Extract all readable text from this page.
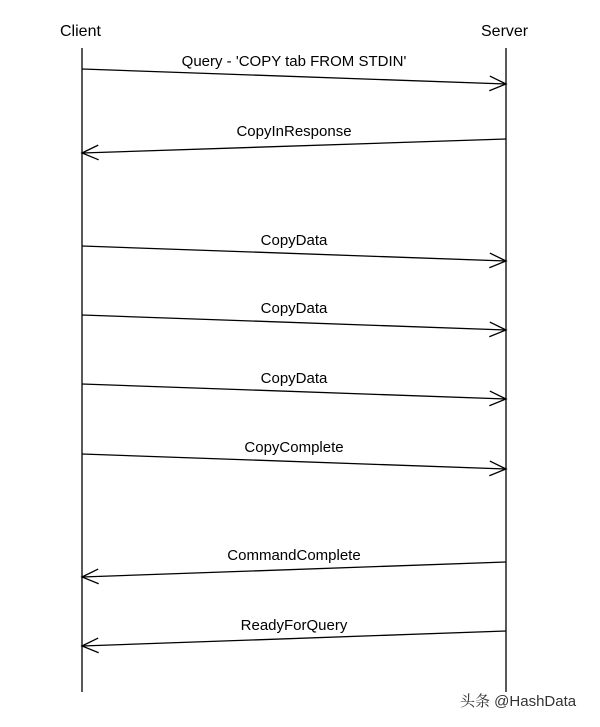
Client	Server
Query - 'COPY tab FROM STDIN'
CopyInResponse
CopyData
CopyData
CopyData
CopyComplete
CommandComplete
ReadyForQuery
头条 @HashData
